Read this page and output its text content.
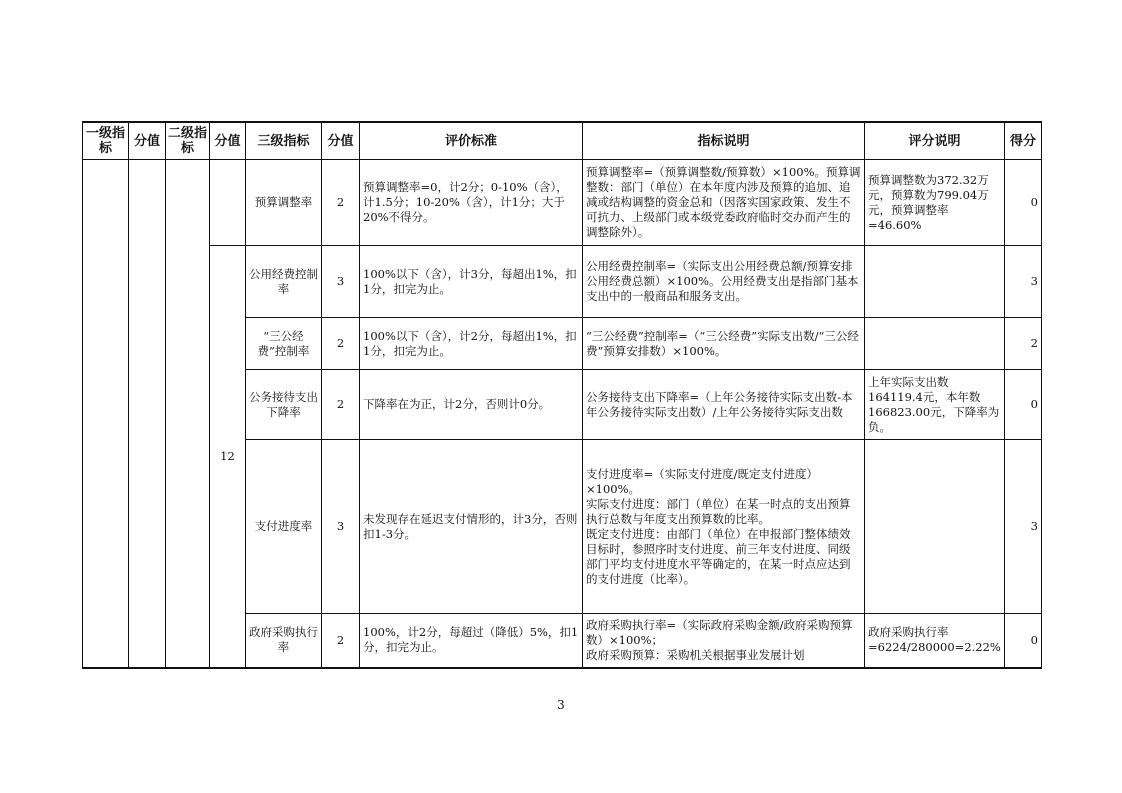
一级指标	分值	二级指标	分值	三级指标	分值	评价标准	指标说明	评分说明	得分
				预算调整率	2	预算调整率=0，计2分；0-10%（含），计1.5分；10-20%（含），计1分；大于20%不得分。	预算调整率=（预算调整数/预算数）×100%。预算调整数：部门（单位）在本年度内涉及预算的追加、追减或结构调整的资金总和（因落实国家政策、发生不可抗力、上级部门或本级党委政府临时交办而产生的调整除外）。	预算调整数为372.32万元，预算数为799.04万元，预算调整率=46.60%	0
			12	公用经费控制率	3	100%以下（含），计3分，每超出1%，扣1分，扣完为止。	公用经费控制率=（实际支出公用经费总额/预算安排公用经费总额）×100%。公用经费支出是指部门基本支出中的一般商品和服务支出。		3
				“三公经费”控制率	2	100%以下（含），计2分，每超出1%，扣1分，扣完为止。	“三公经费”控制率=（“三公经费”实际支出数/“三公经费”预算安排数）×100%。		2
				公务接待支出下降率	2	下降率在为正，计2分，否则计0分。	公务接待支出下降率=（上年公务接待实际支出数-本年公务接待实际支出数）/上年公务接待实际支出数	上年实际支出数164119.4元，本年数166823.00元，下降率为负。	0
				支付进度率	3	未发现存在延迟支付情形的，计3分，否则扣1-3分。	支付进度率=（实际支付进度/既定支付进度）×100%。
实际支付进度：部门（单位）在某一时点的支出预算执行总数与年度支出预算数的比率。
既定支付进度：由部门（单位）在申报部门整体绩效目标时，参照序时支付进度、前三年支付进度、同级部门平均支付进度水平等确定的，在某一时点应达到的支付进度（比率）。		3
				政府采购执行率	2	100%，计2分，每超过（降低）5%，扣1分，扣完为止。	政府采购执行率=（实际政府采购金额/政府采购预算数）×100%；
政府采购预算：采购机关根据事业发展计划	政府采购执行率=6224/280000=2.22%	0
3
